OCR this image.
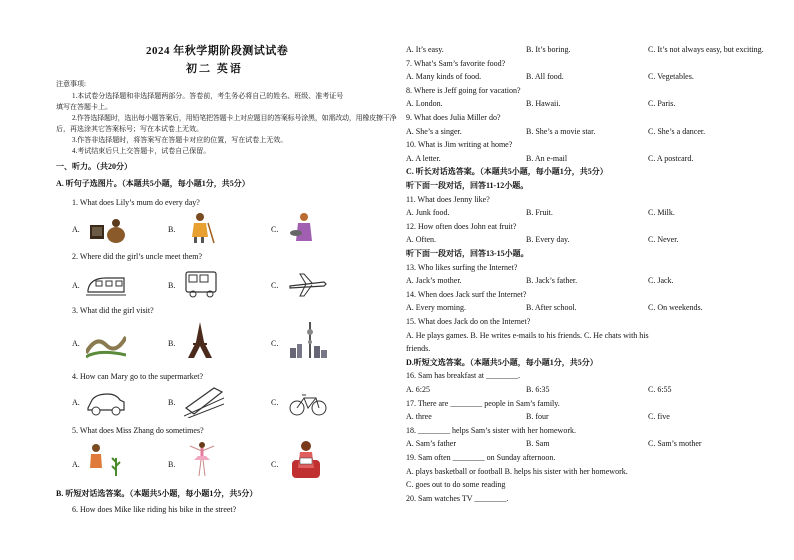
2024 年秋学期阶段测试试卷
初二 英语
注意事项:
1.本试卷分选择题和非选择题两部分。答卷前，考生务必将自己的姓名、班级、准考证号
填写在答题卡上。
2.作答选择题时，选出每小题答案后，用铅笔把答题卡上对应题目的答案标号涂黑，如需改动，用橡皮擦干净
后，再选涂其它答案标号；写在本试卷上无效。
3.作答非选择题时，将答案写在答题卡对应的位置，写在试卷上无效。
4.考试结束后只上交答题卡，试卷自己保留。
一、听力。（共20分）
A. 听句子选图片。（本题共5小题，每小题1分，共5分）
1. What does Lily’s mum do every day?
A.	B.	C.
2. Where did the girl’s uncle meet them?
A.	B.	C.
3. What did the girl visit?
A.	B.	C.
4. How can Mary go to the supermarket?
A.	B.	C.
5. What does Miss Zhang do sometimes?
A.	B.	C.
B. 听短对话选答案。（本题共5小题，每小题1分，共5分）
6. How does Mike like riding his bike in the street?
A. It’s easy.	B. It’s boring.	C. It’s not always easy, but exciting.
7. What’s Sam’s favorite food?
A. Many kinds of food.	B. All food.	C. Vegetables.
8. Where is Jeff going for vacation?
A. London.	B. Hawaii.	C. Paris.
9. What does Julia Miller do?
A. She’s a singer.	B. She’s a movie star.	C. She’s a dancer.
10. What is Jim writing at home?
A. A letter.	B. An e-mail	C. A postcard.
C. 听长对话选答案。（本题共5小题，每小题1分，共5分）
听下面一段对话，回答11-12小题。
11. What does Jenny like?
A. Junk food.	B. Fruit.	C. Milk.
12. How often does John eat fruit?
A. Often.	B. Every day.	C. Never.
听下面一段对话，回答13-15小题。
13. Who likes surfing the Internet?
A. Jack’s mother.	B. Jack’s father.	C. Jack.
14. When does Jack surf the Internet?
A. Every morning.	B. After school.	C. On weekends.
15. What does Jack do on the Internet?
A. He plays games. B. He writes e-mails to his friends. C. He chats with his
friends.
D.听短文选答案。（本题共5小题，每小题1分，共5分）
16. Sam has breakfast at ________.
A. 6:25	B. 6:35	C. 6:55
17. There are ________ people in Sam’s family.
A. three	B. four	C. five
18. ________ helps Sam’s sister with her homework.
A. Sam’s father	B. Sam	C. Sam’s mother
19. Sam often ________ on Sunday afternoon.
A. plays basketball or football B. helps his sister with her homework.
C. goes out to do some reading
20. Sam watches TV ________.
